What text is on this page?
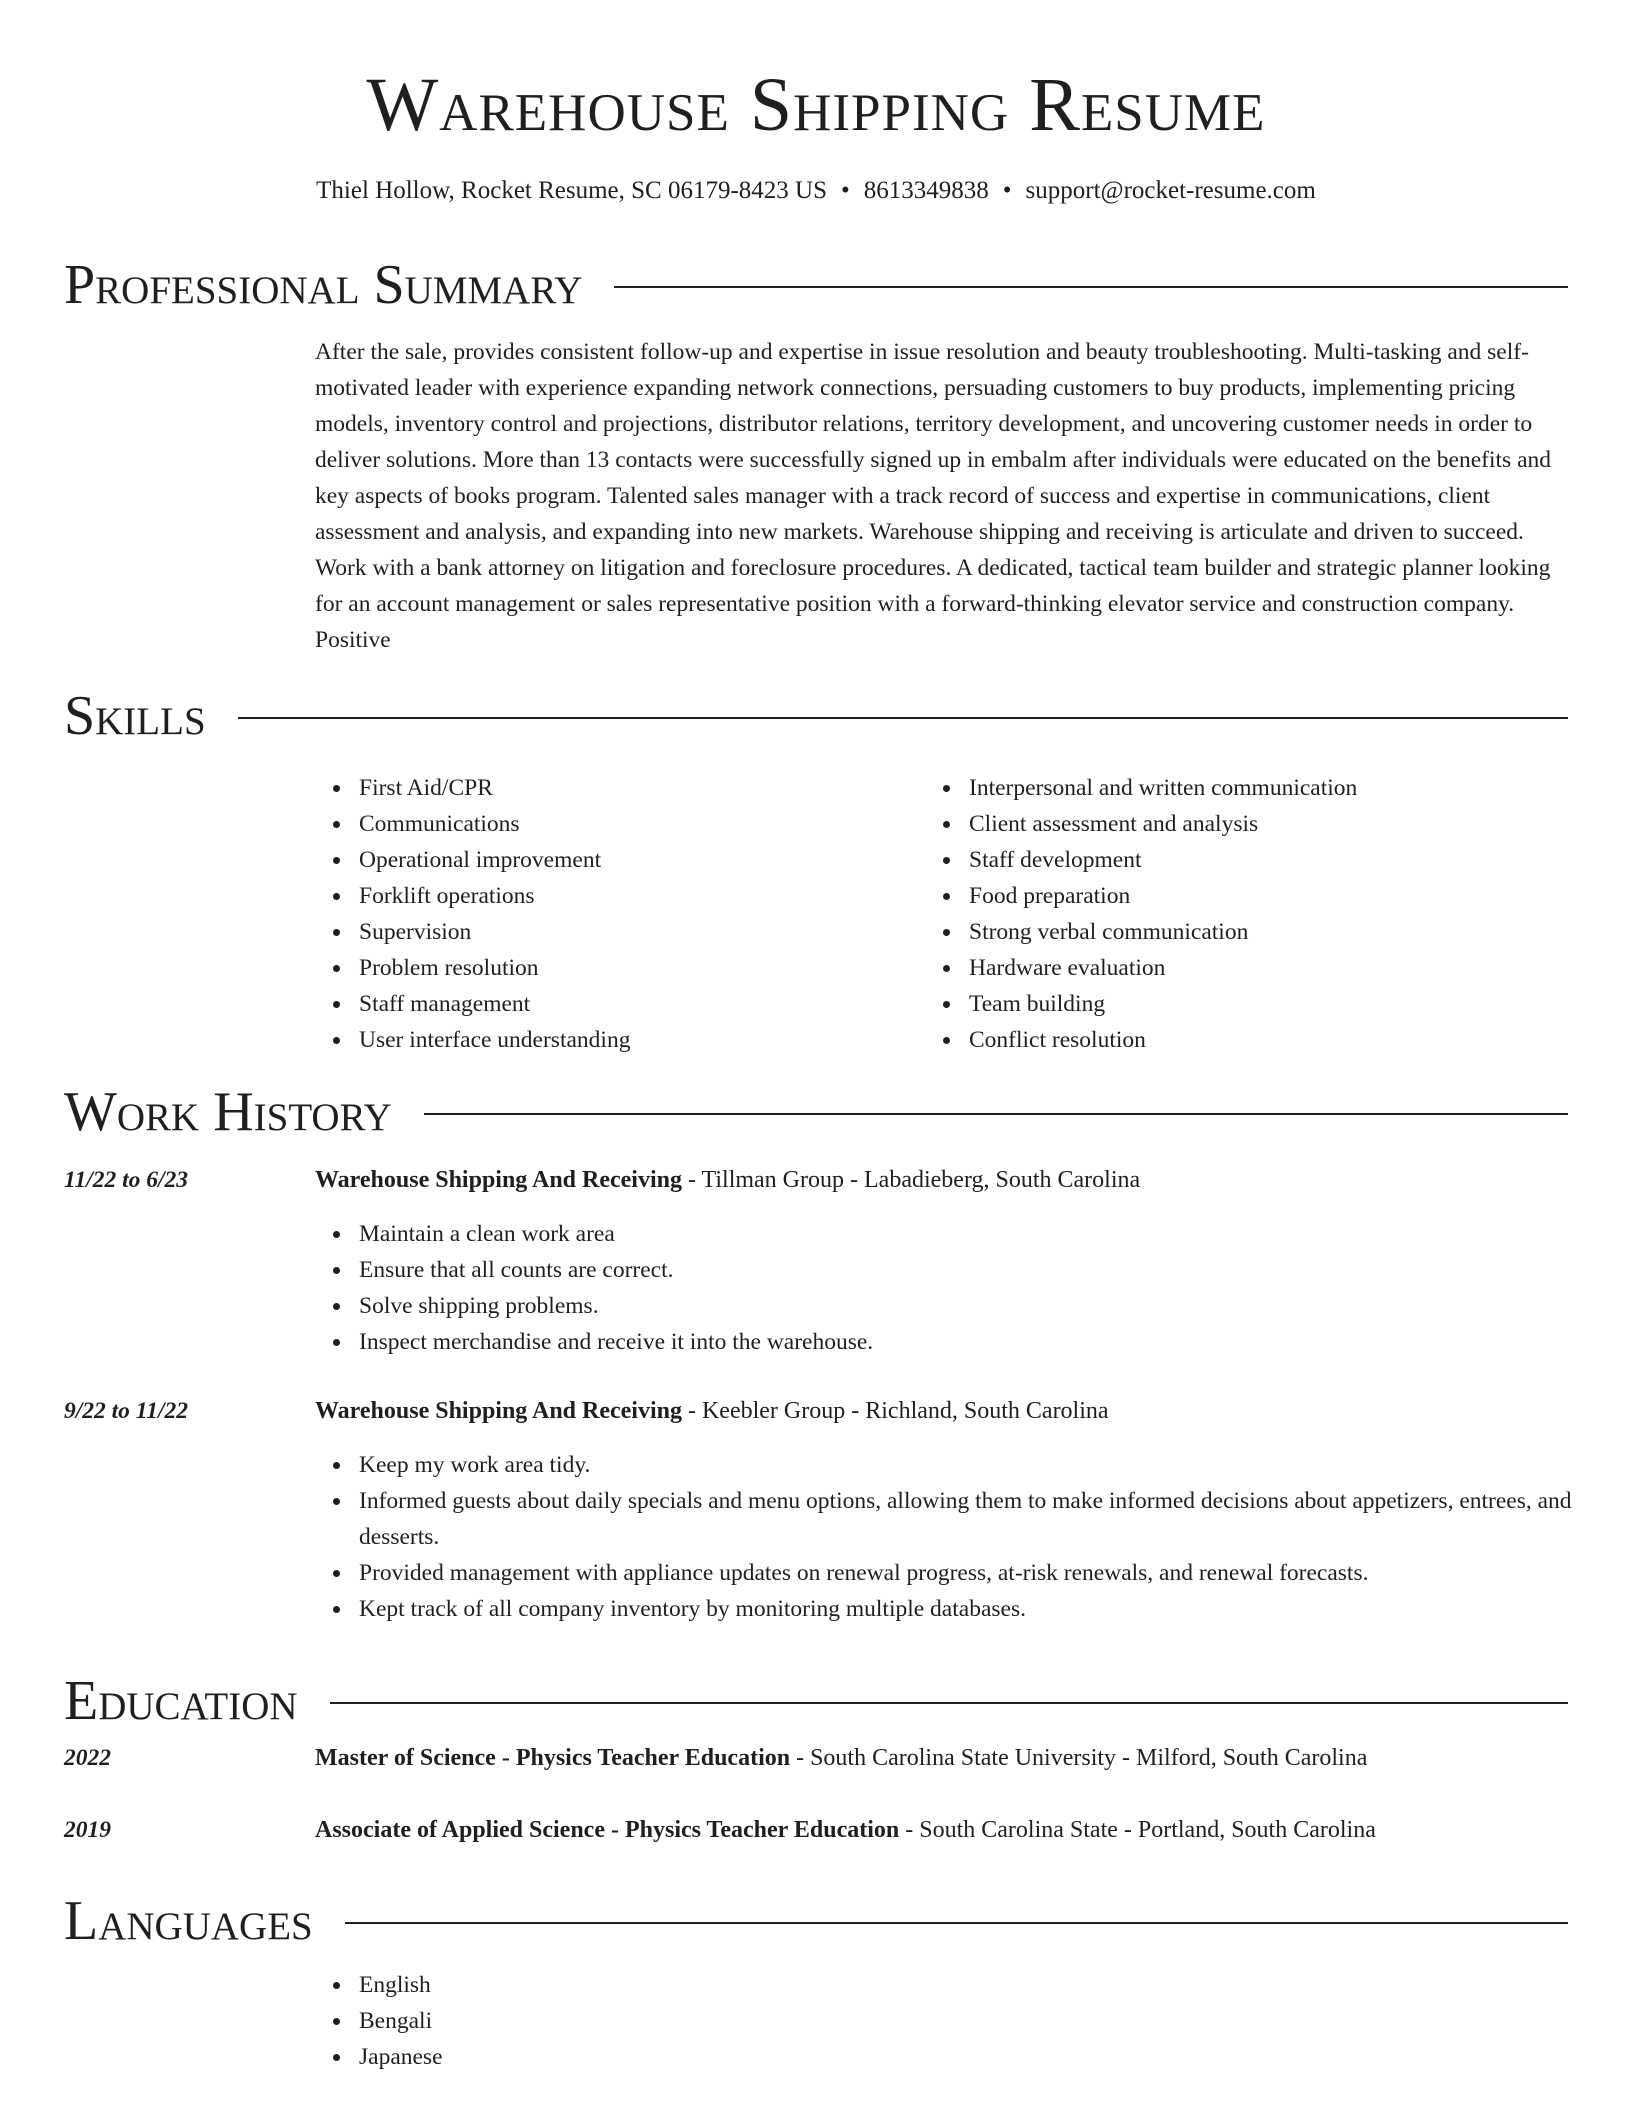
Warehouse Shipping Resume
Thiel Hollow, Rocket Resume, SC 06179-8423 US • 8613349838 • support@rocket-resume.com
Professional Summary
After the sale, provides consistent follow-up and expertise in issue resolution and beauty troubleshooting. Multi-tasking and self-motivated leader with experience expanding network connections, persuading customers to buy products, implementing pricing models, inventory control and projections, distributor relations, territory development, and uncovering customer needs in order to deliver solutions. More than 13 contacts were successfully signed up in embalm after individuals were educated on the benefits and key aspects of books program. Talented sales manager with a track record of success and expertise in communications, client assessment and analysis, and expanding into new markets. Warehouse shipping and receiving is articulate and driven to succeed. Work with a bank attorney on litigation and foreclosure procedures. A dedicated, tactical team builder and strategic planner looking for an account management or sales representative position with a forward-thinking elevator service and construction company. Positive
Skills
First Aid/CPR
Communications
Operational improvement
Forklift operations
Supervision
Problem resolution
Staff management
User interface understanding
Interpersonal and written communication
Client assessment and analysis
Staff development
Food preparation
Strong verbal communication
Hardware evaluation
Team building
Conflict resolution
Work History
11/22 to 6/23	Warehouse Shipping And Receiving - Tillman Group - Labadieberg, South Carolina
Maintain a clean work area
Ensure that all counts are correct.
Solve shipping problems.
Inspect merchandise and receive it into the warehouse.
9/22 to 11/22	Warehouse Shipping And Receiving - Keebler Group - Richland, South Carolina
Keep my work area tidy.
Informed guests about daily specials and menu options, allowing them to make informed decisions about appetizers, entrees, and desserts.
Provided management with appliance updates on renewal progress, at-risk renewals, and renewal forecasts.
Kept track of all company inventory by monitoring multiple databases.
Education
2022	Master of Science - Physics Teacher Education - South Carolina State University - Milford, South Carolina
2019	Associate of Applied Science - Physics Teacher Education - South Carolina State - Portland, South Carolina
Languages
English
Bengali
Japanese
